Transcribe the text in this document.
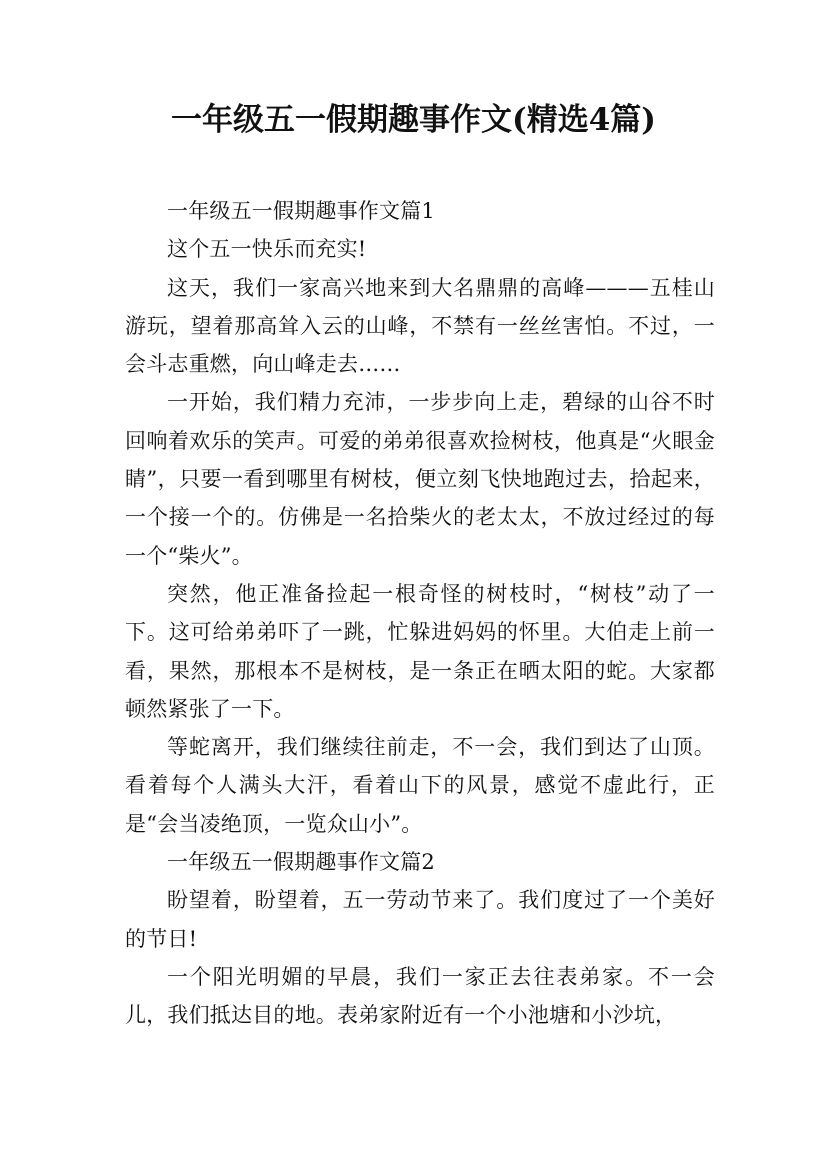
一年级五一假期趣事作文(精选4篇)

一年级五一假期趣事作文篇1

这个五一快乐而充实!

这天，我们一家高兴地来到大名鼎鼎的高峰———五桂山游玩，望着那高耸入云的山峰，不禁有一丝丝害怕。不过，一会斗志重燃，向山峰走去……

一开始，我们精力充沛，一步步向上走，碧绿的山谷不时回响着欢乐的笑声。可爱的弟弟很喜欢捡树枝，他真是“火眼金睛”，只要一看到哪里有树枝，便立刻飞快地跑过去，拾起来，一个接一个的。仿佛是一名拾柴火的老太太，不放过经过的每一个“柴火”。

突然，他正准备捡起一根奇怪的树枝时，“树枝”动了一下。这可给弟弟吓了一跳，忙躲进妈妈的怀里。大伯走上前一看，果然，那根本不是树枝，是一条正在晒太阳的蛇。大家都顿然紧张了一下。

等蛇离开，我们继续往前走，不一会，我们到达了山顶。看着每个人满头大汗，看着山下的风景，感觉不虚此行，正是“会当凌绝顶，一览众山小”。

一年级五一假期趣事作文篇2

盼望着，盼望着，五一劳动节来了。我们度过了一个美好的节日!

一个阳光明媚的早晨，我们一家正去往表弟家。不一会儿，我们抵达目的地。表弟家附近有一个小池塘和小沙坑，
